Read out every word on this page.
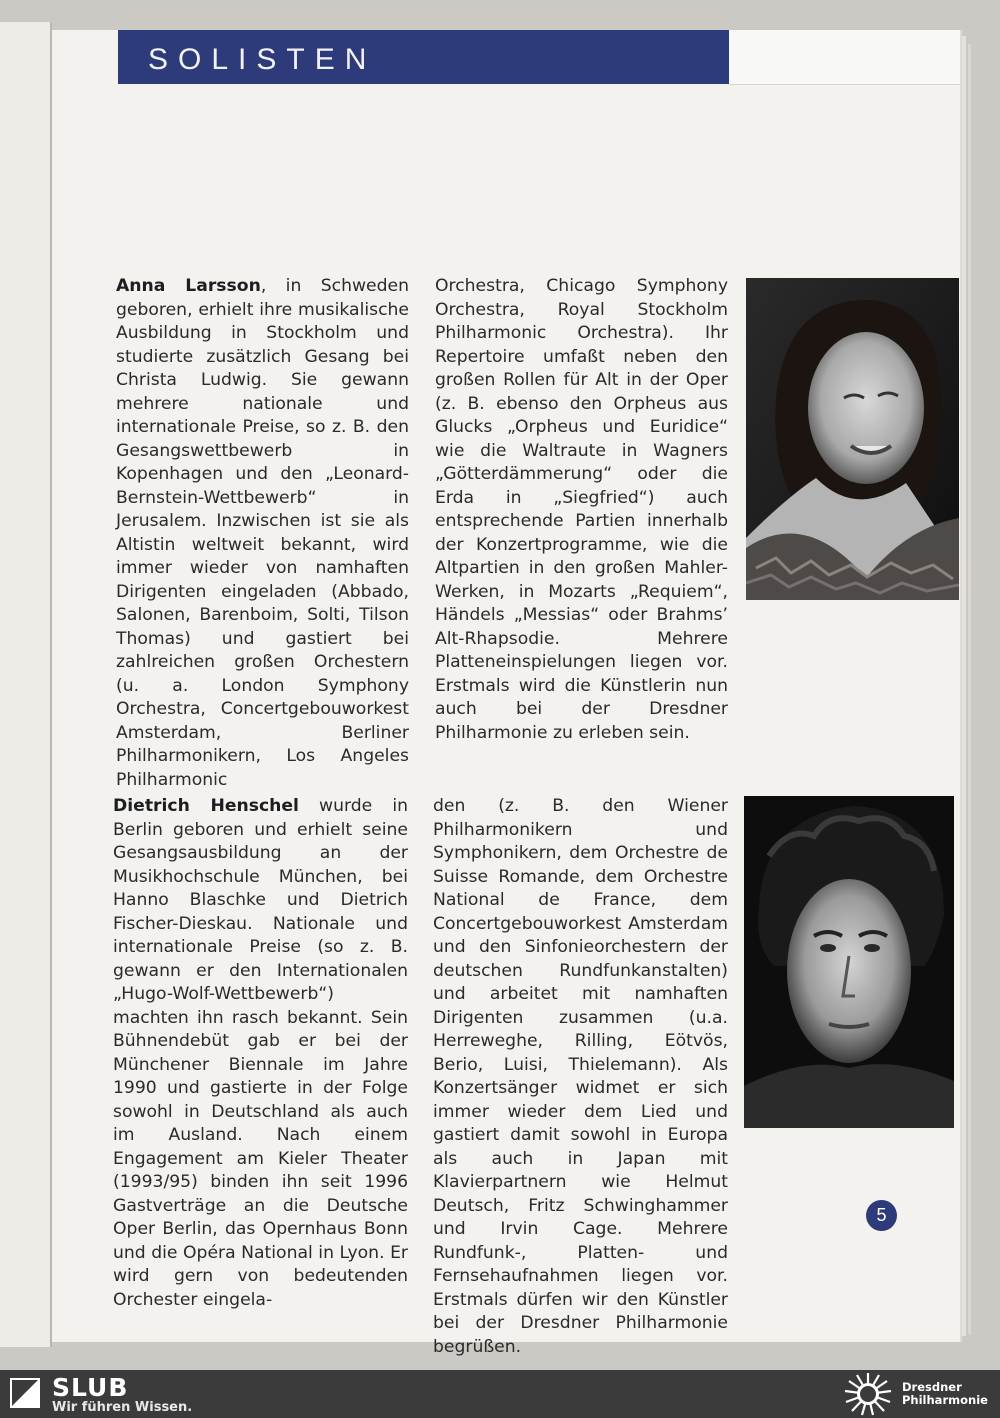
SOLISTEN

Anna Larsson, in Schweden geboren, erhielt ihre musikalische Ausbildung in Stockholm und studierte zusätzlich Gesang bei Christa Ludwig. Sie gewann mehrere nationale und internationale Preise, so z. B. den Gesangswettbewerb in Kopenhagen und den „Leonard-Bernstein-Wettbewerb“ in Jerusalem. Inzwischen ist sie als Altistin weltweit bekannt, wird immer wieder von namhaften Dirigenten eingeladen (Abbado, Salonen, Barenboim, Solti, Tilson Thomas) und gastiert bei zahlreichen großen Orchestern (u. a. London Symphony Orchestra, Concertgebouworkest Amsterdam, Berliner Philharmonikern, Los Angeles Philharmonic

Orchestra, Chicago Symphony Orchestra, Royal Stockholm Philharmonic Orchestra). Ihr Repertoire umfaßt neben den großen Rollen für Alt in der Oper (z. B. ebenso den Orpheus aus Glucks „Orpheus und Euridice“ wie die Waltraute in Wagners „Götterdämmerung“ oder die Erda in „Siegfried“) auch entsprechende Partien innerhalb der Konzertprogramme, wie die Altpartien in den großen Mahler-Werken, in Mozarts „Requiem“, Händels „Messias“ oder Brahms’ Alt-Rhapsodie. Mehrere Platteneinspielungen liegen vor. Erstmals wird die Künstlerin nun auch bei der Dresdner Philharmonie zu erleben sein.

Dietrich Henschel wurde in Berlin geboren und erhielt seine Gesangsausbildung an der Musikhochschule München, bei Hanno Blaschke und Dietrich Fischer-Dieskau. Nationale und internationale Preise (so z. B. gewann er den Internationalen „Hugo-Wolf-Wettbewerb“) machten ihn rasch bekannt. Sein Bühnendebüt gab er bei der Münchener Biennale im Jahre 1990 und gastierte in der Folge sowohl in Deutschland als auch im Ausland. Nach einem Engagement am Kieler Theater (1993/95) binden ihn seit 1996 Gastverträge an die Deutsche Oper Berlin, das Opernhaus Bonn und die Opéra National in Lyon. Er wird gern von bedeutenden Orchester eingela-

den (z. B. den Wiener Philharmonikern und Symphonikern, dem Orchestre de Suisse Romande, dem Orchestre National de France, dem Concertgebouworkest Amsterdam und den Sinfonieorchestern der deutschen Rundfunkanstalten) und arbeitet mit namhaften Dirigenten zusammen (u.a. Herreweghe, Rilling, Eötvös, Berio, Luisi, Thielemann). Als Konzertsänger widmet er sich immer wieder dem Lied und gastiert damit sowohl in Europa als auch in Japan mit Klavierpartnern wie Helmut Deutsch, Fritz Schwinghammer und Irvin Cage. Mehrere Rundfunk-, Platten- und Fernsehaufnahmen liegen vor. Erstmals dürfen wir den Künstler bei der Dresdner Philharmonie begrüßen.

5
SLUB
Wir führen Wissen.
Dresdner
Philharmonie
